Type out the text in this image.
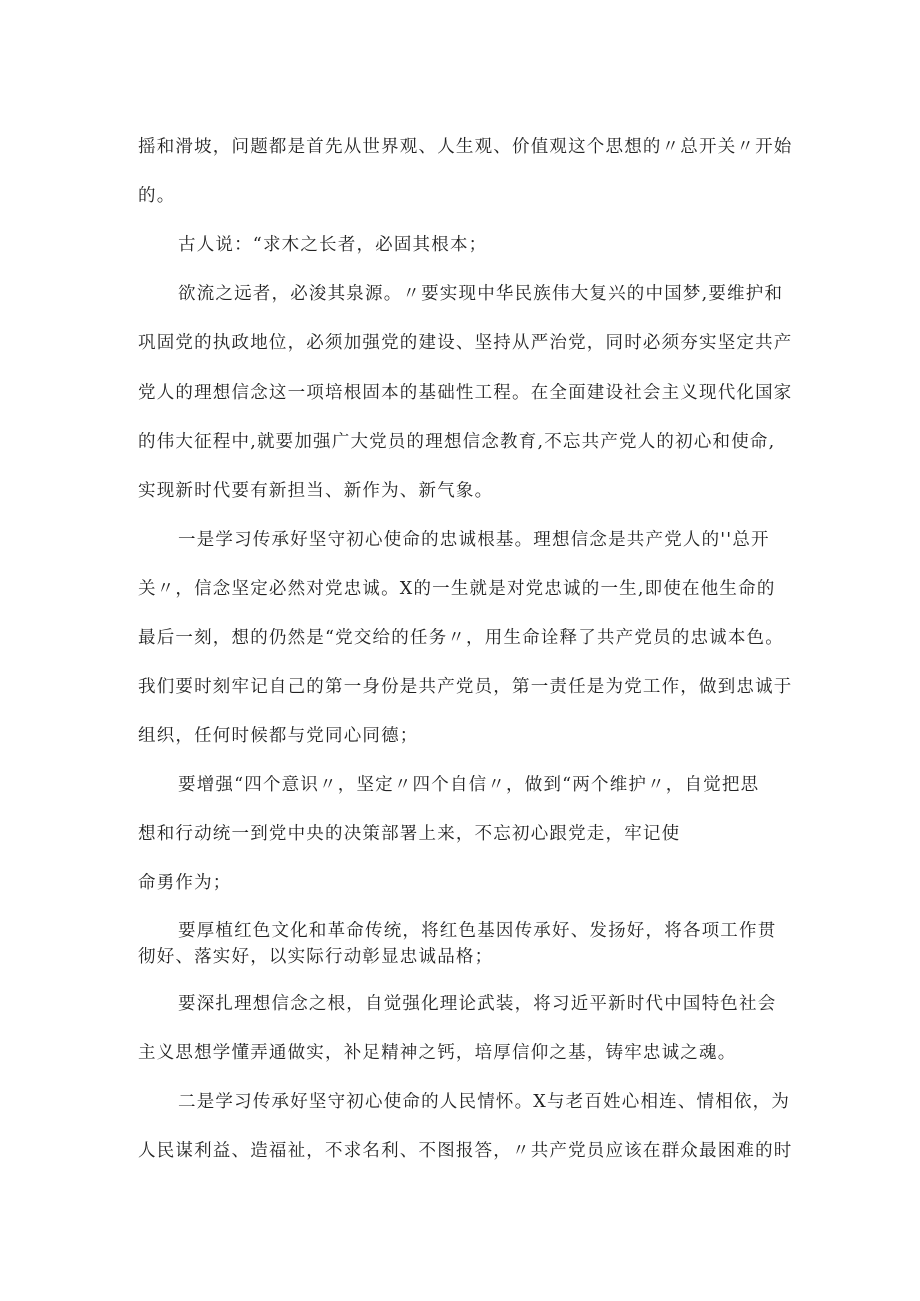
摇和滑坡，问题都是首先从世界观、人生观、价值观这个思想的〃总开关〃开始
的。
古人说：“求木之长者，必固其根本；
欲流之远者，必浚其泉源。〃要实现中华民族伟大复兴的中国梦,要维护和
巩固党的执政地位，必须加强党的建设、坚持从严治党，同时必须夯实坚定共产
党人的理想信念这一项培根固本的基础性工程。在全面建设社会主义现代化国家
的伟大征程中,就要加强广大党员的理想信念教育,不忘共产党人的初心和使命,
实现新时代要有新担当、新作为、新气象。
一是学习传承好坚守初心使命的忠诚根基。理想信念是共产党人的''总开
关〃，信念坚定必然对党忠诚。X的一生就是对党忠诚的一生,即使在他生命的
最后一刻，想的仍然是“党交给的任务〃，用生命诠释了共产党员的忠诚本色。
我们要时刻牢记自己的第一身份是共产党员，第一责任是为党工作，做到忠诚于
组织，任何时候都与党同心同德；
要增强“四个意识〃，坚定〃四个自信〃，做到“两个维护〃，自觉把思
想和行动统一到党中央的决策部署上来，不忘初心跟党走，牢记使
命勇作为；
要厚植红色文化和革命传统，将红色基因传承好、发扬好，将各项工作贯
彻好、落实好，以实际行动彰显忠诚品格；
要深扎理想信念之根，自觉强化理论武装，将习近平新时代中国特色社会
主义思想学懂弄通做实，补足精神之钙，培厚信仰之基，铸牢忠诚之魂。
二是学习传承好坚守初心使命的人民情怀。X与老百姓心相连、情相依，为
人民谋利益、造福祉，不求名利、不图报答，〃共产党员应该在群众最困难的时
